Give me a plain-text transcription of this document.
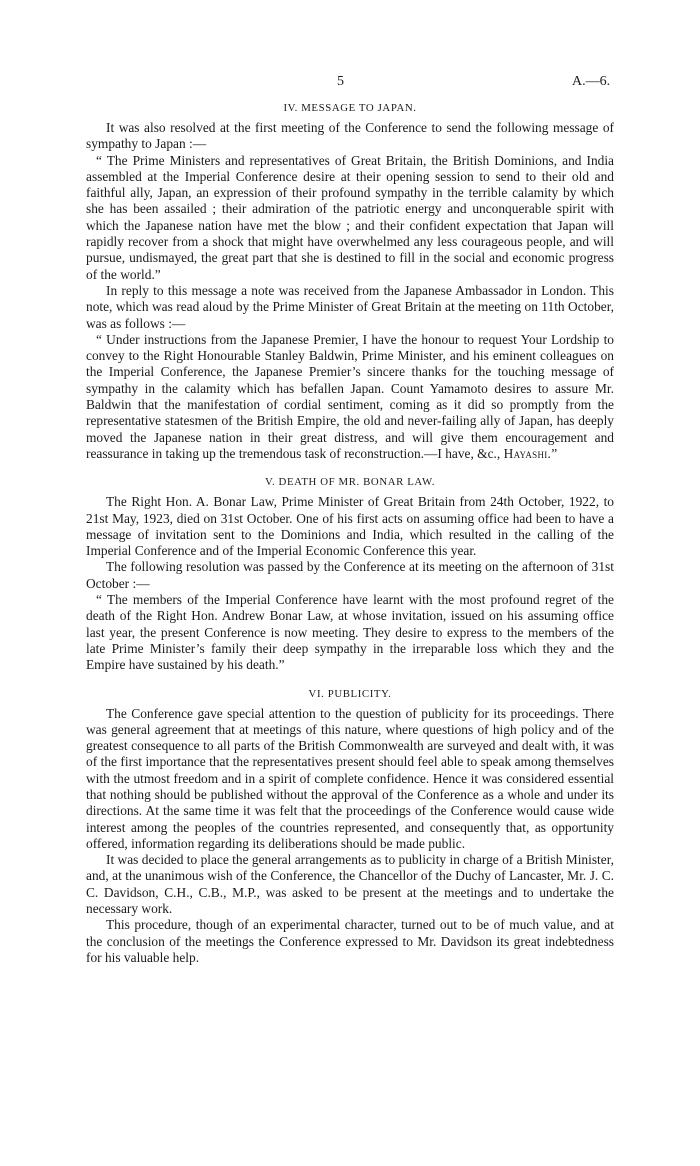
5	A.—6.
IV. MESSAGE TO JAPAN.

It was also resolved at the first meeting of the Conference to send the following message of sympathy to Japan :—

“ The Prime Ministers and representatives of Great Britain, the British Dominions, and India assembled at the Imperial Conference desire at their opening session to send to their old and faithful ally, Japan, an expression of their profound sympathy in the terrible calamity by which she has been assailed ; their admiration of the patriotic energy and unconquerable spirit with which the Japanese nation have met the blow ; and their confident expectation that Japan will rapidly recover from a shock that might have overwhelmed any less courageous people, and will pursue, undismayed, the great part that she is destined to fill in the social and economic progress of the world.”

In reply to this message a note was received from the Japanese Ambassador in London. This note, which was read aloud by the Prime Minister of Great Britain at the meeting on 11th October, was as follows :—

“ Under instructions from the Japanese Premier, I have the honour to request Your Lordship to convey to the Right Honourable Stanley Baldwin, Prime Minister, and his eminent colleagues on the Imperial Conference, the Japanese Premier’s sincere thanks for the touching message of sympathy in the calamity which has befallen Japan. Count Yamamoto desires to assure Mr. Baldwin that the manifestation of cordial sentiment, coming as it did so promptly from the representative statesmen of the British Empire, the old and never-failing ally of Japan, has deeply moved the Japanese nation in their great distress, and will give them encouragement and reassurance in taking up the tremendous task of reconstruction.—I have, &c., Hayashi.”

V. DEATH OF MR. BONAR LAW.

The Right Hon. A. Bonar Law, Prime Minister of Great Britain from 24th October, 1922, to 21st May, 1923, died on 31st October. One of his first acts on assuming office had been to have a message of invitation sent to the Dominions and India, which resulted in the calling of the Imperial Conference and of the Imperial Economic Conference this year.

The following resolution was passed by the Conference at its meeting on the afternoon of 31st October :—

“ The members of the Imperial Conference have learnt with the most profound regret of the death of the Right Hon. Andrew Bonar Law, at whose invitation, issued on his assuming office last year, the present Conference is now meeting. They desire to express to the members of the late Prime Minister’s family their deep sympathy in the irreparable loss which they and the Empire have sustained by his death.”

VI. PUBLICITY.

The Conference gave special attention to the question of publicity for its proceedings. There was general agreement that at meetings of this nature, where questions of high policy and of the greatest consequence to all parts of the British Commonwealth are surveyed and dealt with, it was of the first importance that the representatives present should feel able to speak among themselves with the utmost freedom and in a spirit of complete confidence. Hence it was considered essential that nothing should be published without the approval of the Conference as a whole and under its directions. At the same time it was felt that the proceedings of the Conference would cause wide interest among the peoples of the countries represented, and consequently that, as opportunity offered, information regarding its deliberations should be made public.

It was decided to place the general arrangements as to publicity in charge of a British Minister, and, at the unanimous wish of the Conference, the Chancellor of the Duchy of Lancaster, Mr. J. C. C. Davidson, C.H., C.B., M.P., was asked to be present at the meetings and to undertake the necessary work.

This procedure, though of an experimental character, turned out to be of much value, and at the conclusion of the meetings the Conference expressed to Mr. Davidson its great indebtedness for his valuable help.
